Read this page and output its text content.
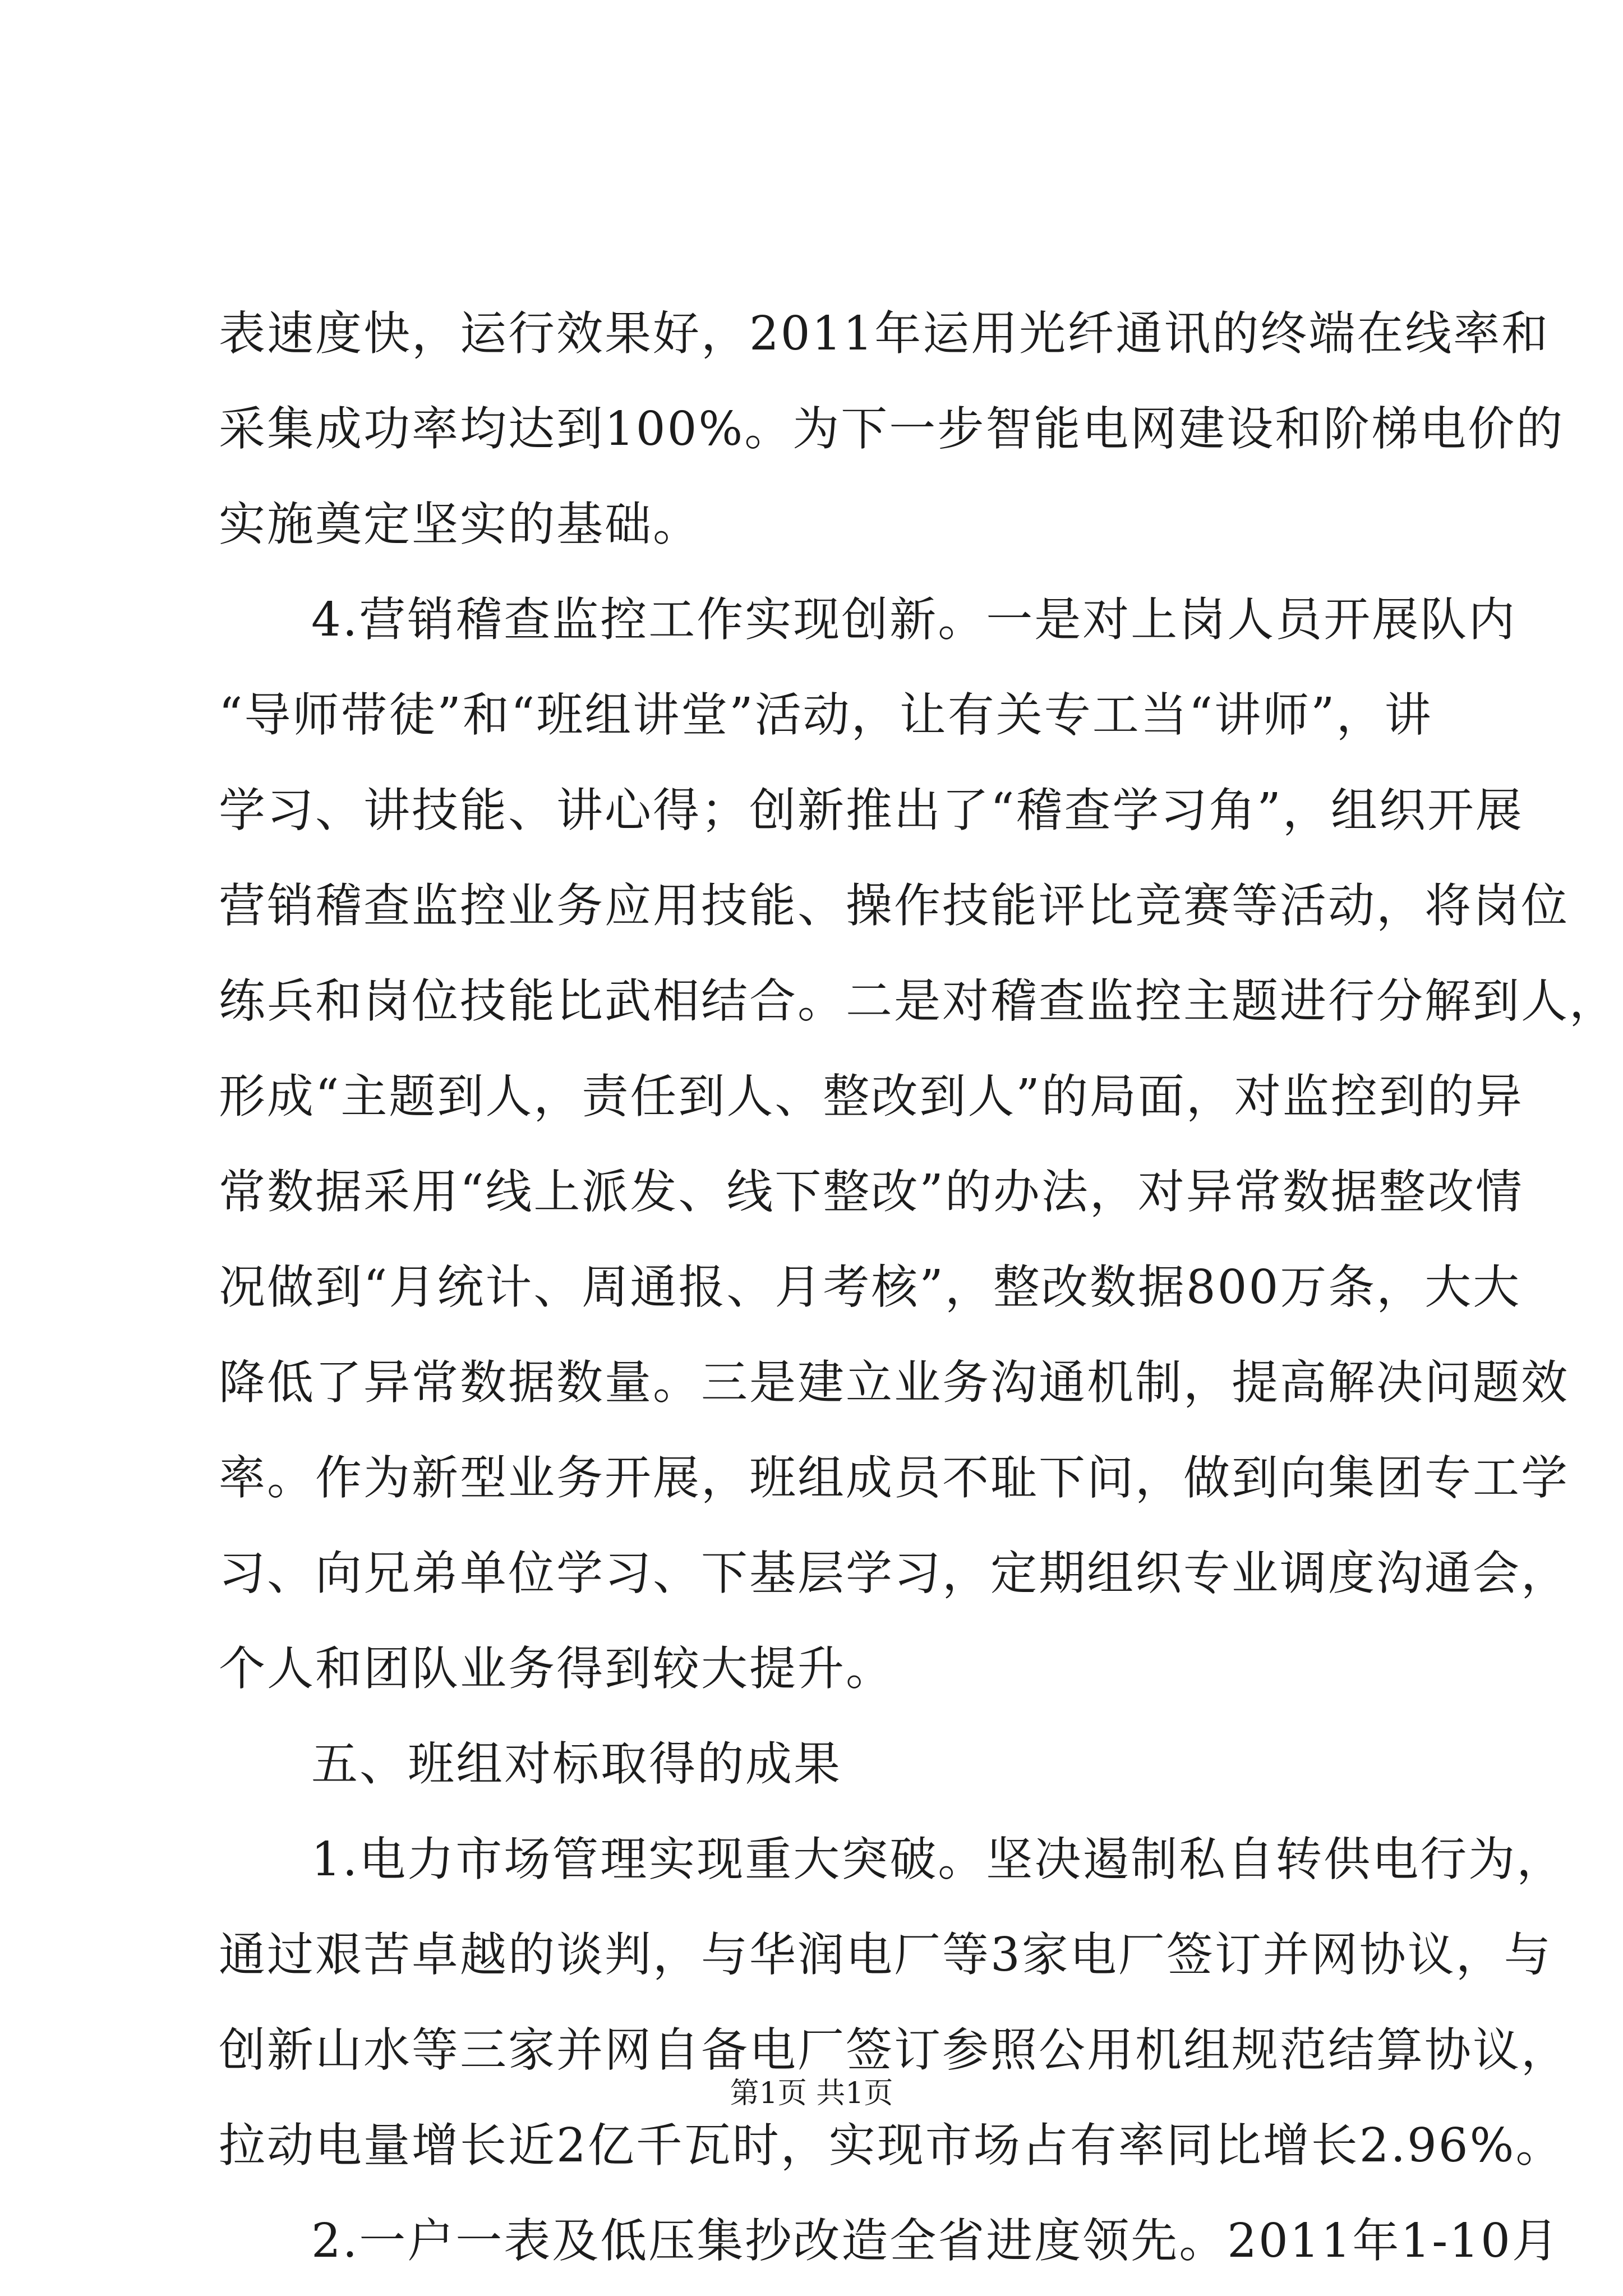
表速度快，运行效果好，2011年运用光纤通讯的终端在线率和
采集成功率均达到100%。为下一步智能电网建设和阶梯电价的
实施奠定坚实的基础。
4.营销稽查监控工作实现创新。一是对上岗人员开展队内
“导师带徒”和“班组讲堂”活动，让有关专工当“讲师”，讲
学习、讲技能、讲心得；创新推出了“稽查学习角”，组织开展
营销稽查监控业务应用技能、操作技能评比竞赛等活动，将岗位
练兵和岗位技能比武相结合。二是对稽查监控主题进行分解到人，
形成“主题到人，责任到人、整改到人”的局面，对监控到的异
常数据采用“线上派发、线下整改”的办法，对异常数据整改情
况做到“月统计、周通报、月考核”，整改数据800万条，大大
降低了异常数据数量。三是建立业务沟通机制，提高解决问题效
率。作为新型业务开展，班组成员不耻下问，做到向集团专工学
习、向兄弟单位学习、下基层学习，定期组织专业调度沟通会，
个人和团队业务得到较大提升。
五、班组对标取得的成果
1.电力市场管理实现重大突破。坚决遏制私自转供电行为，
通过艰苦卓越的谈判，与华润电厂等3家电厂签订并网协议，与
创新山水等三家并网自备电厂签订参照公用机组规范结算协议，
拉动电量增长近2亿千瓦时，实现市场占有率同比增长2.96%。
2.一户一表及低压集抄改造全省进度领先。2011年1-10月
第1页 共1页
